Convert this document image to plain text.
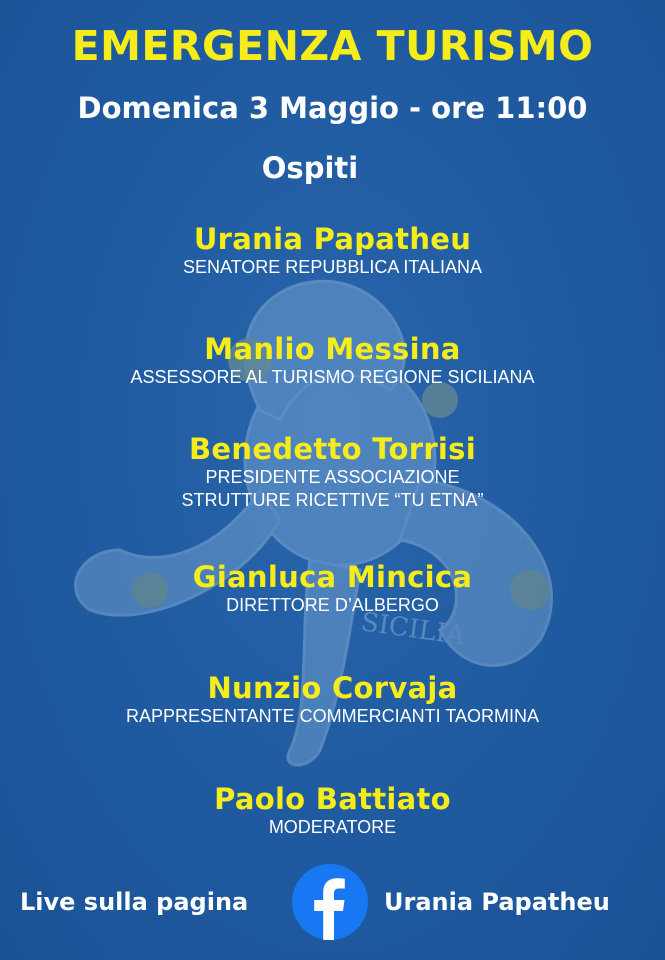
SICILIA
EMERGENZA TURISMO
Domenica 3 Maggio - ore 11:00
Ospiti
Urania Papatheu
SENATORE REPUBBLICA ITALIANA
Manlio Messina
ASSESSORE AL TURISMO REGIONE SICILIANA
Benedetto Torrisi
PRESIDENTE ASSOCIAZIONE
STRUTTURE RICETTIVE “TU ETNA”
Gianluca Mincica
DIRETTORE D’ALBERGO
Nunzio Corvaja
RAPPRESENTANTE COMMERCIANTI TAORMINA
Paolo Battiato
MODERATORE
Live sulla pagina	Urania Papatheu
